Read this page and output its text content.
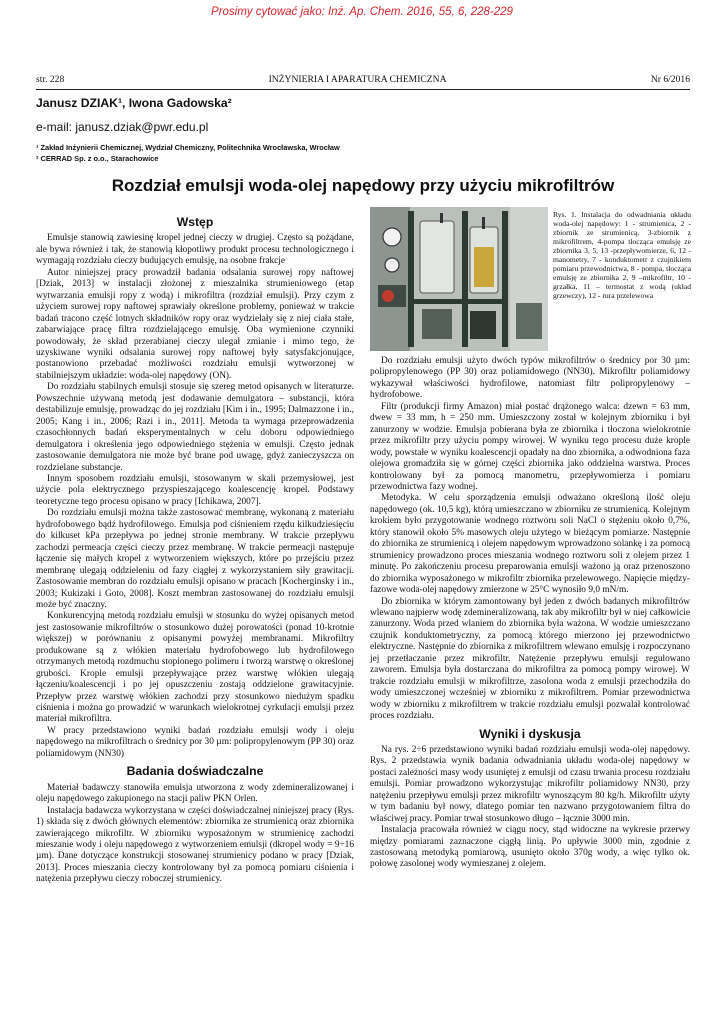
Prosimy cytować jako: Inż. Ap. Chem. 2016, 55, 6, 228-229
str. 228	INŻYNIERIA I APARATURA CHEMICZNA	Nr 6/2016
Janusz DZIAK¹, Iwona Gadowska²
e-mail: janusz.dziak@pwr.edu.pl
¹ Zakład Inżynierii Chemicznej, Wydział Chemiczny, Politechnika Wrocławska, Wrocław
² CERRAD Sp. z o.o., Starachowice
Rozdział emulsji woda-olej napędowy przy użyciu mikrofiltrów
Wstęp

Emulsje stanowią zawiesinę kropel jednej cieczy w drugiej. Często są pożądane, ale bywa również i tak, że stanowią kłopotliwy produkt procesu technologicznego i wymagają rozdziału cieczy budujących emulsję, na osobne frakcje

Autor niniejszej pracy prowadził badania odsalania surowej ropy naftowej [Dziak, 2013] w instalacji złożonej z mieszalnika strumieniowego (etap wytwarzania emulsji ropy z wodą) i mikrofiltra (rozdział emulsji). Przy czym z użyciem surowej ropy naftowej sprawiały określone problemy, ponieważ w trakcie badań tracono część lotnych składników ropy oraz wydzielały się z niej ciała stałe, zabarwiające pracę filtra rozdzielającego emulsję. Oba wymienione czynniki powodowały, że skład przerabianej cieczy ulegał zmianie i mimo tego, że uzyskiwane wyniki odsalania surowej ropy naftowej były satysfakcjonujące, postanowiono przebadać możliwości rozdziału emulsji wytworzonej w stabilniejszym układzie: woda-olej napędowy (ON).

Do rozdziału stabilnych emulsji stosuje się szereg metod opisanych w literaturze. Powszechnie używaną metodą jest dodawanie demulgatora – substancji, która destabilizuje emulsję, prowadząc do jej rozdziału [Kim i in., 1995; Dalmazzone i in., 2005; Kang i in., 2006; Razi i in., 2011]. Metoda ta wymaga przeprowadzenia czasochłonnych badań eksperymentalnych w celu doboru odpowiedniego demulgatora i określenia jego odpowiedniego stężenia w emulsji. Często jednak zastosowanie demulgatora nie może być brane pod uwagę, gdyż zanieczyszcza on rozdzielane substancje.

Innym sposobem rozdziału emulsji, stosowanym w skali przemysłowej, jest użycie pola elektrycznego przyspieszającego koalescencję kropel. Podstawy teoretyczne tego procesu opisano w pracy [Ichikawa, 2007].

Do rozdziału emulsji można także zastosować membranę, wykonaną z materiału hydrofobowego bądź hydrofilowego. Emulsja pod ciśnieniem rzędu kilkudziesięciu do kilkuset kPa przepływa po jednej stronie membrany. W trakcie przepływu zachodzi permeacja części cieczy przez membranę. W trakcie permeacji następuje łączenie się małych kropel z wytworzeniem większych, które po przejściu przez membranę ulegają oddzieleniu od fazy ciągłej z wykorzystaniem siły grawitacji. Zastosowanie membran do rozdziału emulsji opisano w pracach [Kocherginsky i in., 2003; Kukizaki i Goto, 2008]. Koszt membran zastosowanej do rozdziału emulsji może być znaczny.

Konkurencyjną metodą rozdziału emulsji w stosunku do wyżej opisanych metod jest zastosowanie mikrofiltrów o stosunkowo dużej porowatości (ponad 10-krotnie większej) w porównaniu z opisanymi powyżej membranami. Mikrofiltry produkowane są z włókien materiału hydrofobowego lub hydrofilowego otrzymanych metodą rozdmuchu stopionego polimeru i tworzą warstwę o określonej grubości. Krople emulsji przepływające przez warstwę włókien ulegają łączeniu/koalescencji i po jej opuszczeniu zostają oddzielone grawitacyjnie. Przepływ przez warstwę włókien zachodzi przy stosunkowo niedużym spadku ciśnienia i można go prowadzić w warunkach wielokrotnej cyrkulacji emulsji przez materiał mikrofiltra.

W pracy przedstawiono wyniki badań rozdziału emulsji wody i oleju napędowego na mikrofiltrach o średnicy por 30 µm: polipropylenowym (PP 30) oraz poliamidowym (NN30)

Badania doświadczalne

Materiał badawczy stanowiła emulsja utworzona z wody zdemineralizowanej i oleju napędowego zakupionego na stacji paliw PKN Orlen.

Instalacja badawcza wykorzystana w części doświadczalnej niniejszej pracy (Rys. 1) składa się z dwóch głównych elementów: zbiornika ze strumienicą oraz zbiornika zawierającego mikrofiltr. W zbiorniku wyposażonym w strumienicę zachodzi mieszanie wody i oleju napędowego z wytworzeniem emulsji (dkropel wody = 9÷16 µm). Dane dotyczące konstrukcji stosowanej strumienicy podano w pracy [Dziak, 2013]. Proces mieszania cieczy kontrolowany był za pomocą pomiaru ciśnienia i natężenia przepływu cieczy roboczej strumienicy.

Rys. 1. Instalacja do odwadniania układu woda-olej napędowy: 1 - strumienica, 2 - zbiornik ze strumienicą, 3-zbiornik z mikrofiltrem, 4-pompa tłocząca emulsję ze zbiornika 3, 5, 13 -przepływomierze, 6, 12 - manometry, 7 - konduktometr z czujnikiem pomiaru przewodnictwa, 8 - pompa, tłocząca emulsję ze zbiornika 2, 9 –mikrofiltr, 10 - grzałka, 11 – termostat z wodą (układ grzewczy), 12 - rura przelewowa

Do rozdziału emulsji użyto dwóch typów mikrofiltrów o średnicy por 30 µm: polipropylenowego (PP 30) oraz poliamidowego (NN30). Mikrofiltr poliamidowy wykazywał właściwości hydrofilowe, natomiast filtr polipropylenowy – hydrofobowe.

Filtr (produkcji firmy Amazon) miał postać drążonego walca: dzewn = 63 mm, dwew = 33 mm, h = 250 mm. Umieszczony został w kolejnym zbiorniku i był zanurzony w wodzie. Emulsja pobierana była ze zbiornika i tłoczona wielokrotnie przez mikrofiltr przy użyciu pompy wirowej. W wyniku tego procesu duże krople wody, powstałe w wyniku koalescencji opadały na dno zbiornika, a odwodniona faza olejowa gromadziła się w górnej części zbiornika jako oddzielna warstwa. Proces kontrolowany był za pomocą manometru, przepływomierza i pomiaru przewodnictwa fazy wodnej.

Metodyka. W celu sporządzenia emulsji odważano określoną ilość oleju napędowego (ok. 10,5 kg), którą umieszczano w zbiorniku ze strumienicą. Kolejnym krokiem było przygotowanie wodnego roztworu soli NaCl o stężeniu około 0,7%, który stanowił około 5% masowych oleju użytego w bieżącym pomiarze. Następnie do zbiornika ze strumienicą i olejem napędowym wprowadzono solankę i za pomocą strumienicy prowadzono proces mieszania wodnego roztworu soli z olejem przez 1 minutę. Po zakończeniu procesu preparowania emulsji ważono ją oraz przenoszono do zbiornika wyposażonego w mikrofiltr zbiornika przelewowego. Napięcie między-fazowe woda-olej napędowy zmierzone w 25°C wynosiło 9,0 mN/m.

Do zbiornika w którym zamontowany był jeden z dwóch badanych mikrofiltrów wlewano najpierw wodę zdemineralizowaną, tak aby mikrofiltr był w niej całkowicie zanurzony. Woda przed wlaniem do zbiornika była ważona. W wodzie umieszczano czujnik konduktometryczny, za pomocą którego mierzono jej przewodnictwo elektryczne. Następnie do zbiornika z mikrofiltrem wlewano emulsję i rozpoczynano jej przetłaczanie przez mikrofiltr. Natężenie przepływu emulsji regulowano zaworem. Emulsja była dostarczana do mikrofiltra za pomocą pompy wirowej. W trakcie rozdziału emulsji w mikrofiltrze, zasolona woda z emulsji przechodziła do wody umieszczonej wcześniej w zbiorniku z mikrofiltrem. Pomiar przewodnictwa wody w zbiorniku z mikrofiltrem w trakcie rozdziału emulsji pozwalał kontrolować proces rozdziału.

Wyniki i dyskusja

Na rys. 2÷6 przedstawiono wyniki badań rozdziału emulsji woda-olej napędowy. Rys. 2 przedstawia wynik badania odwadniania układu woda-olej napędowy w postaci zależności masy wody usuniętej z emulsji od czasu trwania procesu rozdziału emulsji. Pomiar prowadzono wykorzystując mikrofiltr poliamidowy NN30, przy natężeniu przepływu emulsji przez mikrofiltr wynoszącym 80 kg/h. Mikrofiltr użyty w tym badaniu był nowy, dlatego pomiar ten nazwano przygotowaniem filtra do właściwej pracy. Pomiar trwał stosunkowo długo – łącznie 3000 min.

Instalacja pracowała również w ciągu nocy, stąd widoczne na wykresie przerwy między pomiarami zaznaczone ciągłą linią. Po upływie 3000 min, zgodnie z zastosowaną metodyką pomiarową, usunięto około 370g wody, a więc tylko ok. połowę zasolonej wody wymieszanej z olejem.
